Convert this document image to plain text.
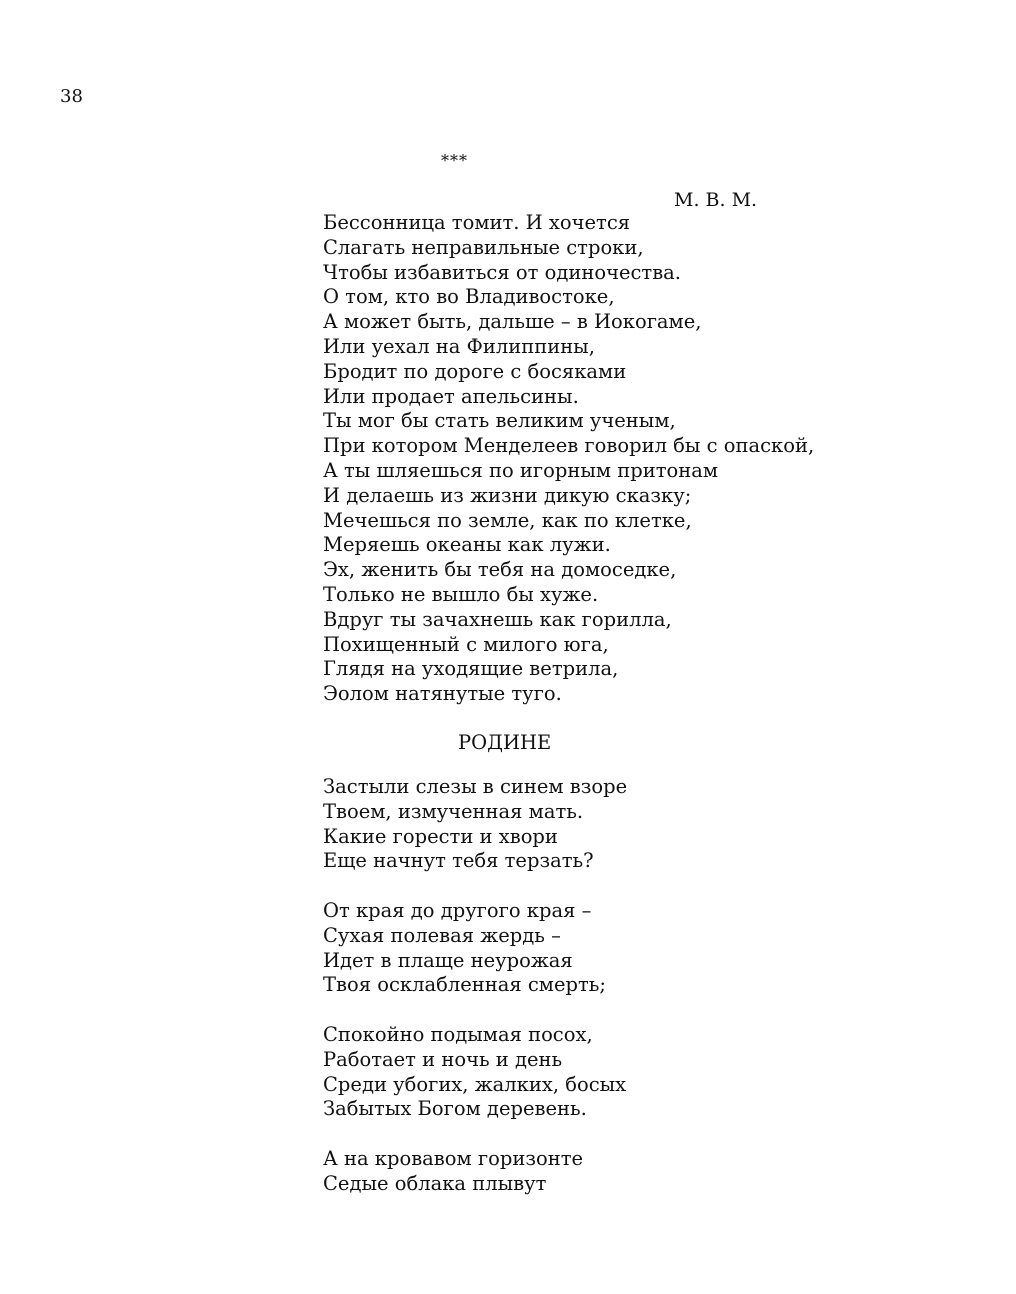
38
***
М. В. М.
Бессонница томит. И хочется
Слагать неправильные строки,
Чтобы избавиться от одиночества.
О том, кто во Владивостоке,
А может быть, дальше – в Иокогаме,
Или уехал на Филиппины,
Бродит по дороге с босяками
Или продает апельсины.
Ты мог бы стать великим ученым,
При котором Менделеев говорил бы с опаской,
А ты шляешься по игорным притонам
И делаешь из жизни дикую сказку;
Мечешься по земле, как по клетке,
Меряешь океаны как лужи.
Эх, женить бы тебя на домоседке,
Только не вышло бы хуже.
Вдруг ты зачахнешь как горилла,
Похищенный с милого юга,
Глядя на уходящие ветрила,
Эолом натянутые туго.
РОДИНЕ
Застыли слезы в синем взоре
Твоем, измученная мать.
Какие горести и хвори
Еще начнут тебя терзать?
От края до другого края –
Сухая полевая жердь –
Идет в плаще неурожая
Твоя осклабленная смерть;
Спокойно подымая посох,
Работает и ночь и день
Среди убогих, жалких, босых
Забытых Богом деревень.
А на кровавом горизонте
Седые облака плывут
